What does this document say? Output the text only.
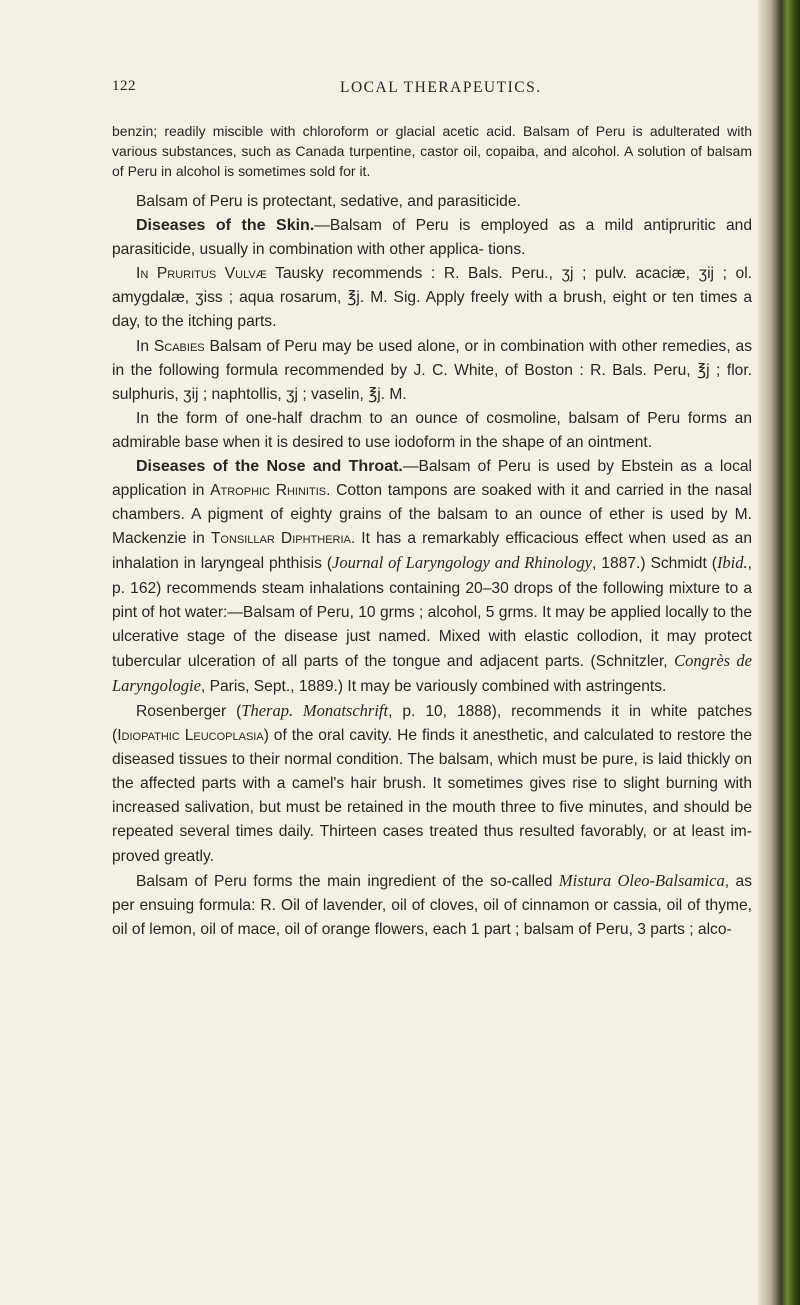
122	LOCAL THERAPEUTICS.
benzin; readily miscible with chloroform or glacial acetic acid. Balsam of Peru is adulterated with various substances, such as Canada turpentine, castor oil, copaiba, and alcohol. A solution of balsam of Peru in alcohol is sometimes sold for it.

Balsam of Peru is protectant, sedative, and parasiticide.

Diseases of the Skin.—Balsam of Peru is employed as a mild antipruritic and parasiticide, usually in combination with other applica- tions.

In Pruritus Vulvæ Tausky recommends : R. Bals. Peru., ʒj ; pulv. acaciæ, ʒij ; ol. amygdalæ, ʒiss ; aqua rosarum, ℥j. M. Sig. Apply freely with a brush, eight or ten times a day, to the itching parts.

In Scabies Balsam of Peru may be used alone, or in combination with other remedies, as in the following formula recommended by J. C. White, of Boston : R. Bals. Peru, ℥j ; flor. sulphuris, ʒij ; naphtollis, ʒj ; vaselin, ℥j. M.

In the form of one-half drachm to an ounce of cosmoline, balsam of Peru forms an admirable base when it is desired to use iodoform in the shape of an ointment.

Diseases of the Nose and Throat.—Balsam of Peru is used by Ebstein as a local application in Atrophic Rhinitis. Cotton tampons are soaked with it and carried in the nasal chambers. A pigment of eighty grains of the balsam to an ounce of ether is used by M. Mackenzie in Tonsillar Diphtheria. It has a remarkably efficacious effect when used as an inhalation in laryngeal phthisis (Journal of Laryngology and Rhinology, 1887.) Schmidt (Ibid., p. 162) recommends steam inhalations containing 20–30 drops of the following mixture to a pint of hot water:—Balsam of Peru, 10 grms ; alcohol, 5 grms. It may be applied locally to the ulcerative stage of the disease just named. Mixed with elastic collodion, it may protect tubercular ulceration of all parts of the tongue and adjacent parts. (Schnitzler, Congrès de Laryngologie, Paris, Sept., 1889.) It may be variously combined with astringents.

Rosenberger (Therap. Monatschrift, p. 10, 1888), recommends it in white patches (Idiopathic Leucoplasia) of the oral cavity. He finds it anesthetic, and calculated to restore the diseased tissues to their normal condition. The balsam, which must be pure, is laid thickly on the affected parts with a camel's hair brush. It sometimes gives rise to slight burning with increased salivation, but must be retained in the mouth three to five minutes, and should be repeated several times daily. Thirteen cases treated thus resulted favorably, or at least im- proved greatly.

Balsam of Peru forms the main ingredient of the so-called Mistura Oleo-Balsamica, as per ensuing formula: R. Oil of lavender, oil of cloves, oil of cinnamon or cassia, oil of thyme, oil of lemon, oil of mace, oil of orange flowers, each 1 part ; balsam of Peru, 3 parts ; alco-
